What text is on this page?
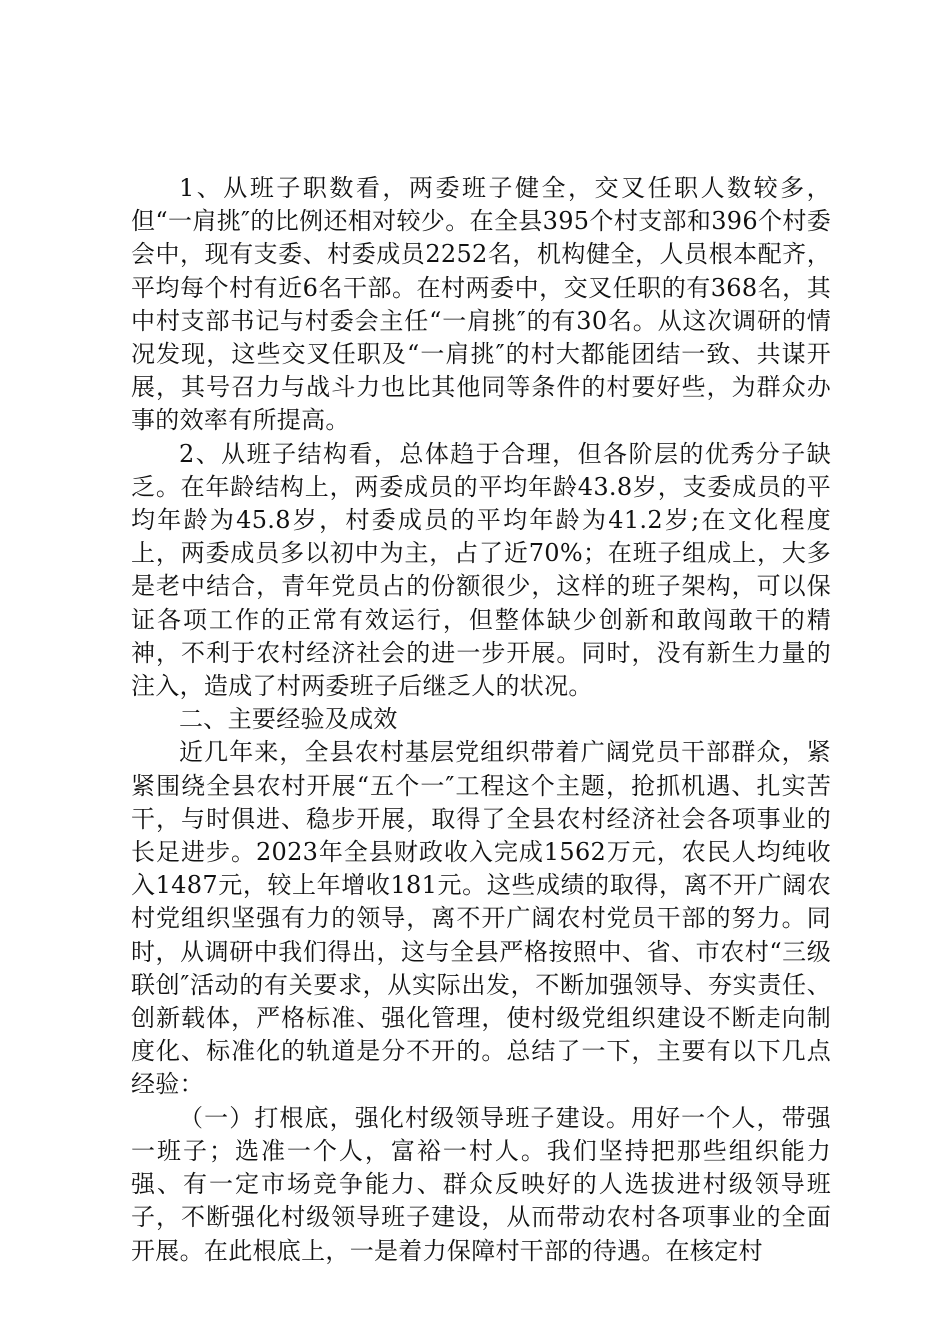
1、从班子职数看，两委班子健全，交叉任职人数较多，但“一肩挑″的比例还相对较少。在全县395个村支部和396个村委会中，现有支委、村委成员2252名，机构健全，人员根本配齐，平均每个村有近6名干部。在村两委中，交叉任职的有368名，其中村支部书记与村委会主任“一肩挑″的有30名。从这次调研的情况发现，这些交叉任职及“一肩挑″的村大都能团结一致、共谋开展，其号召力与战斗力也比其他同等条件的村要好些，为群众办事的效率有所提高。

2、从班子结构看，总体趋于合理，但各阶层的优秀分子缺乏。在年龄结构上，两委成员的平均年龄43.8岁，支委成员的平均年龄为45.8岁，村委成员的平均年龄为41.2岁;在文化程度上，两委成员多以初中为主，占了近70%；在班子组成上，大多是老中结合，青年党员占的份额很少，这样的班子架构，可以保证各项工作的正常有效运行，但整体缺少创新和敢闯敢干的精神，不利于农村经济社会的进一步开展。同时，没有新生力量的注入，造成了村两委班子后继乏人的状况。

二、主要经验及成效

近几年来，全县农村基层党组织带着广阔党员干部群众，紧紧围绕全县农村开展“五个一″工程这个主题，抢抓机遇、扎实苦干，与时俱进、稳步开展，取得了全县农村经济社会各项事业的长足进步。2023年全县财政收入完成1562万元，农民人均纯收入1487元，较上年增收181元。这些成绩的取得，离不开广阔农村党组织坚强有力的领导，离不开广阔农村党员干部的努力。同时，从调研中我们得出，这与全县严格按照中、省、市农村“三级联创″活动的有关要求，从实际出发，不断加强领导、夯实责任、创新载体，严格标准、强化管理，使村级党组织建设不断走向制度化、标准化的轨道是分不开的。总结了一下，主要有以下几点经验：

（一）打根底，强化村级领导班子建设。用好一个人，带强一班子；选准一个人，富裕一村人。我们坚持把那些组织能力强、有一定市场竞争能力、群众反映好的人选拔进村级领导班子，不断强化村级领导班子建设，从而带动农村各项事业的全面开展。在此根底上，一是着力保障村干部的待遇。在核定村
